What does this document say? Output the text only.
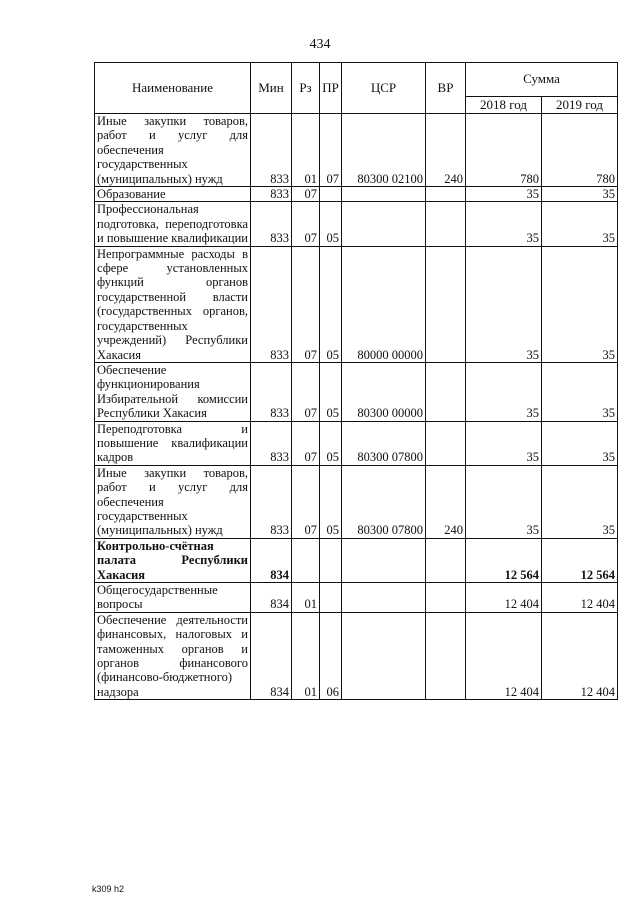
434
Наименование	Мин	Рз	ПР	ЦСР	ВР	Сумма	
						2018 год	2019 год
Иные закупки товаров, работ и услуг для обеспечения государственных (муниципальных) нужд	833	01	07	80300 02100	240	780	780
Образование	833	07				35	35
Профессиональная подготовка, переподготовка и повышение квалификации	833	07	05			35	35
Непрограммные расходы в сфере установленных функций органов государственной власти (государственных органов, государственных учреждений) Республики Хакасия	833	07	05	80000 00000		35	35
Обеспечение функционирования Избирательной комиссии Республики Хакасия	833	07	05	80300 00000		35	35
Переподготовка и повышение квалификации кадров	833	07	05	80300 07800		35	35
Иные закупки товаров, работ и услуг для обеспечения государственных (муниципальных) нужд	833	07	05	80300 07800	240	35	35
Контрольно-счётная палата Республики Хакасия	834					12 564	12 564
Общегосударственные вопросы	834	01				12 404	12 404
Обеспечение деятельности финансовых, налоговых и таможенных органов и органов финансового (финансово-бюджетного) надзора	834	01	06			12 404	12 404
k309 h2
